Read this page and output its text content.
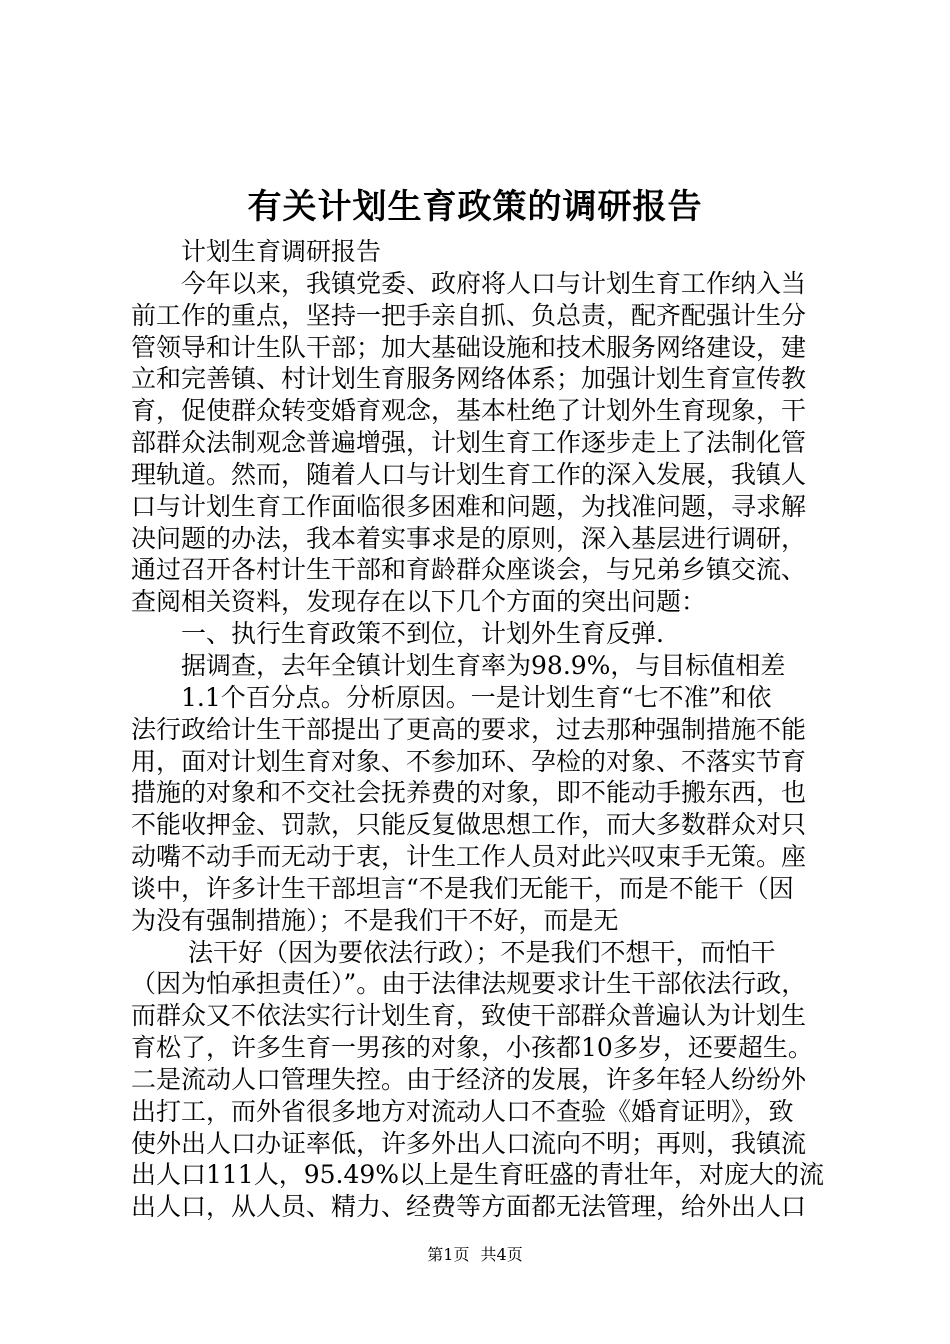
有关计划生育政策的调研报告
计划生育调研报告
今年以来，我镇党委、政府将人口与计划生育工作纳入当
前工作的重点，坚持一把手亲自抓、负总责，配齐配强计生分
管领导和计生队干部；加大基础设施和技术服务网络建设，建
立和完善镇、村计划生育服务网络体系；加强计划生育宣传教
育，促使群众转变婚育观念，基本杜绝了计划外生育现象，干
部群众法制观念普遍增强，计划生育工作逐步走上了法制化管
理轨道。然而，随着人口与计划生育工作的深入发展，我镇人
口与计划生育工作面临很多困难和问题，为找准问题，寻求解
决问题的办法，我本着实事求是的原则，深入基层进行调研，
通过召开各村计生干部和育龄群众座谈会，与兄弟乡镇交流、
查阅相关资料，发现存在以下几个方面的突出问题：
一、执行生育政策不到位，计划外生育反弹.
据调查，去年全镇计划生育率为98.9%，与目标值相差
1.1个百分点。分析原因。一是计划生育“七不准”和依
法行政给计生干部提出了更高的要求，过去那种强制措施不能
用，面对计划生育对象、不参加环、孕检的对象、不落实节育
措施的对象和不交社会抚养费的对象，即不能动手搬东西，也
不能收押金、罚款，只能反复做思想工作，而大多数群众对只
动嘴不动手而无动于衷，计生工作人员对此兴叹束手无策。座
谈中，许多计生干部坦言“不是我们无能干，而是不能干（因
为没有强制措施）；不是我们干不好，而是无
法干好（因为要依法行政）；不是我们不想干，而怕干
（因为怕承担责任）”。由于法律法规要求计生干部依法行政，
而群众又不依法实行计划生育，致使干部群众普遍认为计划生
育松了，许多生育一男孩的对象，小孩都10多岁，还要超生。
二是流动人口管理失控。由于经济的发展，许多年轻人纷纷外
出打工，而外省很多地方对流动人口不查验《婚育证明》，致
使外出人口办证率低，许多外出人口流向不明；再则，我镇流
出人口111人，95.49%以上是生育旺盛的青壮年，对庞大的流
出人口，从人员、精力、经费等方面都无法管理，给外出人口
第1页 共4页
